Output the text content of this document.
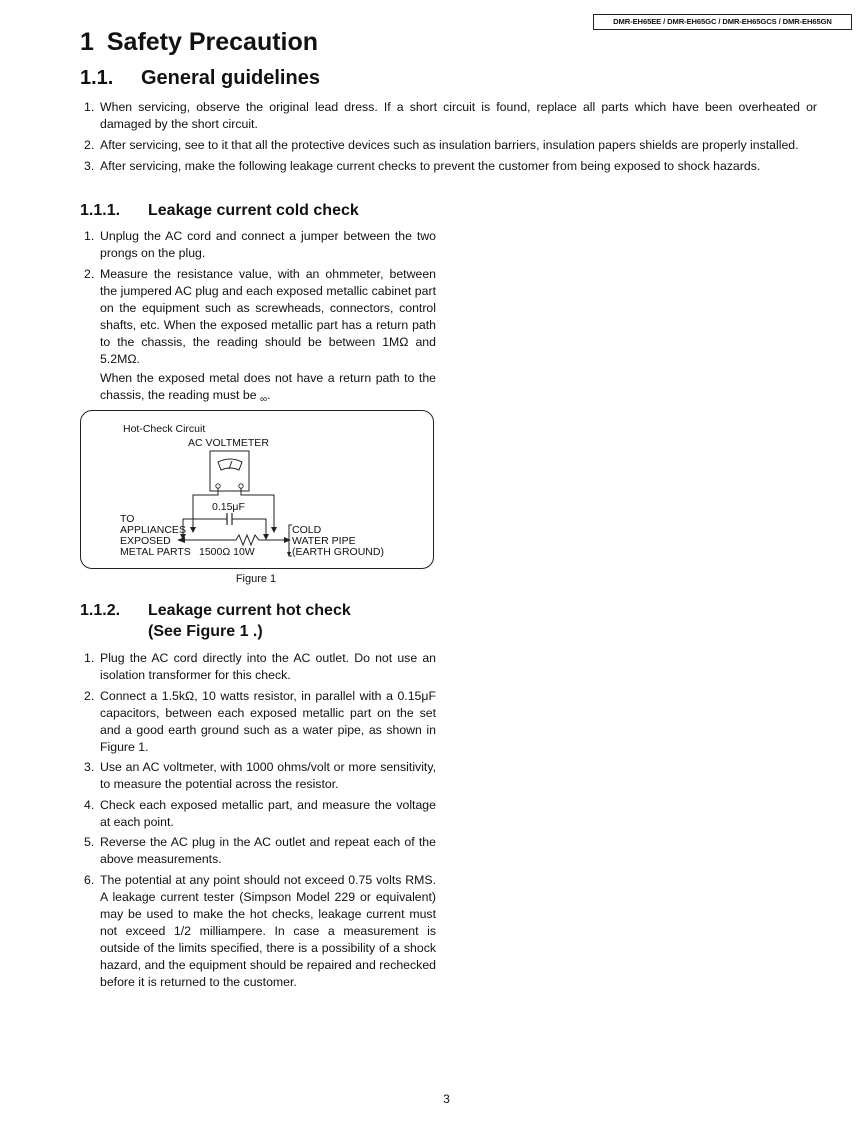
DMR-EH65EE / DMR-EH65GC / DMR-EH65GCS / DMR-EH65GN
1 Safety Precaution
1.1. General guidelines
1. When servicing, observe the original lead dress. If a short circuit is found, replace all parts which have been overheated or damaged by the short circuit.
2. After servicing, see to it that all the protective devices such as insulation barriers, insulation papers shields are properly installed.
3. After servicing, make the following leakage current checks to prevent the customer from being exposed to shock hazards.
1.1.1. Leakage current cold check
1. Unplug the AC cord and connect a jumper between the two prongs on the plug.
2. Measure the resistance value, with an ohmmeter, between the jumpered AC plug and each exposed metallic cabinet part on the equipment such as screwheads, connectors, control shafts, etc. When the exposed metallic part has a return path to the chassis, the reading should be between 1MΩ and 5.2MΩ.
When the exposed metal does not have a return path to the chassis, the reading must be $_\infty$.
Hot-Check Circuit
AC VOLTMETER
0.15μF
TO
APPLIANCES
EXPOSED
METAL PARTS 1500Ω 10W
COLD
WATER PIPE
(EARTH GROUND)
Figure 1
1.1.2. Leakage current hot check
(See Figure 1 .)
1. Plug the AC cord directly into the AC outlet. Do not use an isolation transformer for this check.
2. Connect a 1.5kΩ, 10 watts resistor, in parallel with a 0.15μF capacitors, between each exposed metallic part on the set and a good earth ground such as a water pipe, as shown in Figure 1.
3. Use an AC voltmeter, with 1000 ohms/volt or more sensitivity, to measure the potential across the resistor.
4. Check each exposed metallic part, and measure the voltage at each point.
5. Reverse the AC plug in the AC outlet and repeat each of the above measurements.
6. The potential at any point should not exceed 0.75 volts RMS. A leakage current tester (Simpson Model 229 or equivalent) may be used to make the hot checks, leakage current must not exceed 1/2 milliampere. In case a measurement is outside of the limits specified, there is a possibility of a shock hazard, and the equipment should be repaired and rechecked before it is returned to the customer.
3
